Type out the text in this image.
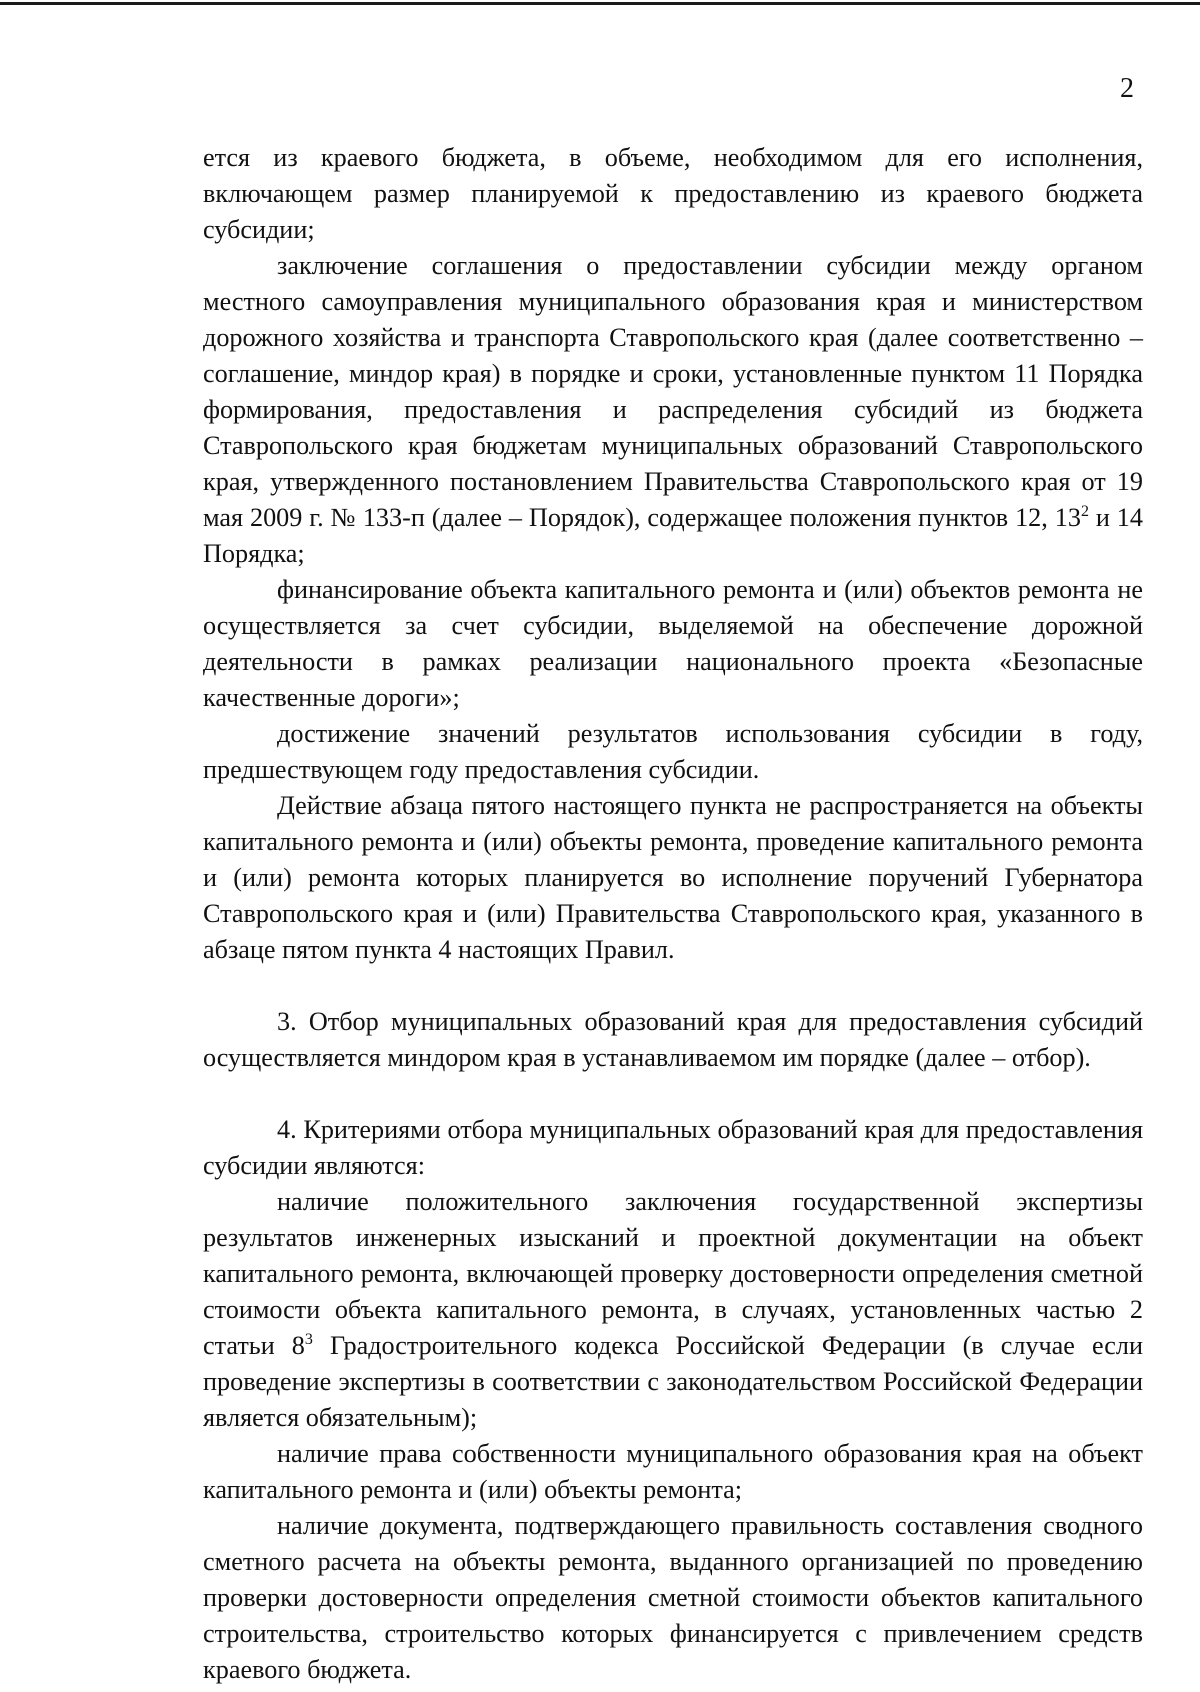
2

ется из краевого бюджета, в объеме, необходимом для его исполнения, включающем размер планируемой к предоставлению из краевого бюджета субсидии;

заключение соглашения о предоставлении субсидии между органом местного самоуправления муниципального образования края и министерством дорожного хозяйства и транспорта Ставропольского края (далее соответственно – соглашение, миндор края) в порядке и сроки, установленные пунктом 11 Порядка формирования, предоставления и распределения субсидий из бюджета Ставропольского края бюджетам муниципальных образований Ставропольского края, утвержденного постановлением Правительства Ставропольского края от 19 мая 2009 г. № 133-п (далее – Порядок), содержащее положения пунктов 12, $13^2$ и 14 Порядка;

финансирование объекта капитального ремонта и (или) объектов ремонта не осуществляется за счет субсидии, выделяемой на обеспечение дорожной деятельности в рамках реализации национального проекта «Безопасные качественные дороги»;

достижение значений результатов использования субсидии в году, предшествующем году предоставления субсидии.

Действие абзаца пятого настоящего пункта не распространяется на объекты капитального ремонта и (или) объекты ремонта, проведение капитального ремонта и (или) ремонта которых планируется во исполнение поручений Губернатора Ставропольского края и (или) Правительства Ставропольского края, указанного в абзаце пятом пункта 4 настоящих Правил.

3. Отбор муниципальных образований края для предоставления субсидий осуществляется миндором края в устанавливаемом им порядке (далее – отбор).

4. Критериями отбора муниципальных образований края для предоставления субсидии являются:

наличие положительного заключения государственной экспертизы результатов инженерных изысканий и проектной документации на объект капитального ремонта, включающей проверку достоверности определения сметной стоимости объекта капитального ремонта, в случаях, установленных частью 2 статьи $8^3$ Градостроительного кодекса Российской Федерации (в случае если проведение экспертизы в соответствии с законодательством Российской Федерации является обязательным);

наличие права собственности муниципального образования края на объект капитального ремонта и (или) объекты ремонта;

наличие документа, подтверждающего правильность составления сводного сметного расчета на объекты ремонта, выданного организацией по проведению проверки достоверности определения сметной стоимости объектов капитального строительства, строительство которых финансируется с привлечением средств краевого бюджета.
